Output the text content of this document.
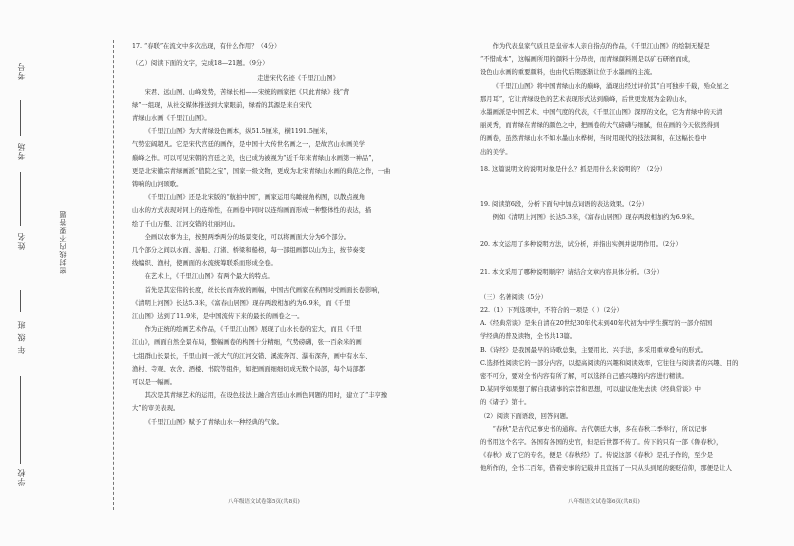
学校
年 级 班
姓名
考场
考号
密封线内不要答题

17. “春联”在流文中多次出现，有什么作用？（4分）

（乙）阅读下面的文字，完成18—21题。（9分）

走进宋代名迹《千里江山图》

宋君、远山图、山峰发势，苦绿长相——宋统的画家把《只此青绿》线“背

绿”一组现，从社交媒体推送到大家眼前，绿看的其源是来自宋代

青绿山水画《千里江山图》。

《千里江山图》为大青绿设色画本，纵51.5厘米，横1191.5厘米，

气势宏阔超凡。它是宋代宫廷的画作，是中国十大传世名画之一，是故宫山水画美学

巅峰之作。可以可见宋朝的宫廷之美，也已成为被视为“近千年来青绿山水画第一神品”，

更是北宋徽宗青绿画派“值院之宝”，国家一级文物，更成为北宋青绿山水画的典范之作，一曲

铸响的山河颂歌。

《千里江山图》还是北宋版的“航拍中国”，画家运用鸟瞰视角构图，以散点视角

山水的方式表现对同上的连绵性，在画卷中同时以连绵画面形成一种整体性的表达，描

绘了千山万壑、江河交错的壮丽河山。

全画以农事为主，按照两季两分的场景变化，可以将画面大分为6个部分。

几个部分之间以水面、游船、汀渚、桥梁和船榜，每一部组画都以山为主，按节奏变

线编织、渔村，使画面的水流统筹联系而形成全卷。

在艺术上，《千里江山图》有两个最大的特点。

首先是其宏伟的长度，丝长长而奔放的画幅，中国古代画家在构图时受画面长卷影响，

《清明上河图》长达5.3米，《富春山居图》现存两段相加约为6.9米，而《千里

江山图》达到了11.9米，是中国流传下来的最长的画卷之一。

作为正统的绘画艺术作品，《千里江山图》展现了山水长卷的宏大，而且《千里

江山》，画面自然全景布局，整幅画卷的构图十分精细，气势磅礴，张一百余米的画

七组群山长景长，千里山间一派大气的江河交错、溪流奔泻、瀑布深奔，画中有水车、

渔村、寺观、农舍、酒楼、书院等组件，如把画面细细切成无数个局部，每个局部都

可以是一幅画。

其次是其青绿艺术的运用，在设色技法上融合宫廷山水画色同题的用时，建立了“丰亨豫

大”的审美表现。

《千里江山图》赋予了青绿山水一种经典的气象。

八年级语文试卷第5页(共8页)

作为代表皇家气质且是皇帝本人亲自指点的作品，《千里江山图》的绘制无疑是

“不惜成本”，这幅画所用的颜料十分昂贵，而青绿颜料则是以矿石研磨而成，

设色山水画的重要颜料，也由代后期逐渐让位于水墨画的主流。

《千里江山图》将中国青绿山水的巅峰，涌现出经过评价其“自可独步千载，殆众星之

那月耳”，它让青绿设色的艺术表现形式达到巅峰，后世更发展为金碧山水，

水墨画派是中国艺术、中国气度的代表，《千里江山图》深厚的文化，它为青绿中的天清

丽灵秀，而青绿在青绿的颜色之中，把画卷的大气磅礴与细腻，但在画的今天依然得到

的画卷，虽然青绿山水不如水墨山水桦树，当时用现代的技法调和，在这幅长卷中

出的美学。

18. 这篇说明文的说明对象是什么？抓是用什么来说明的？（2分）

19. 阅读第6段，分析下面句中加点词语的表达效果。（2分）

例如《清明上河图》长达5.3米，《富春山居图》现存两段相加约为6.9米。

20. 本文运用了多种说明方法，试分析，并指出实例并说明作用。（2分）

21. 本文采用了哪种说明顺序？请结合文章内容具体分析。（3分）

（三）名著阅读（5分）

22.（1）下列选项中，不符合的一项是（ ）（2分）

A.《经典常谈》是朱自清在20世纪30年代末到40年代初为中学生撰写的一部介绍国

学经典的普及读物，全书共13篇。

B.《诗经》是我国最早的诗歌总集，主要用比、兴手法，多采用重章叠句的形式。

C.选择性阅读它的一部分内容，以提高阅读的兴趣和阅读效率，它往往与阅读者的兴趣、目的

密不可分，要对全书内容有所了解，可以选择自己感兴趣的内容进行精读。

D.某同学如果想了解自我诸事的宗旨和思想，可以建议他先去读《经典常谈》中

的《诸子》第十。

（2）阅读下面语段，回答问题。

“春秋”是古代记事史书的通称。古代朝廷大事，多在春秋二季举行，所以记事

的书用这个名字。各国有各国的史官，但是后世都不传了。传下的只有一部《鲁春秋》，

《春秋》成了它的专名，便是《春秋经》了。传说这部《春秋》是孔子作的，至少是

他所作的，全书二百年，借着史事的记载并且宣扬了一只从头到尾的褒贬信仰，那便是让人

八年级语文试卷第6页(共8页)
